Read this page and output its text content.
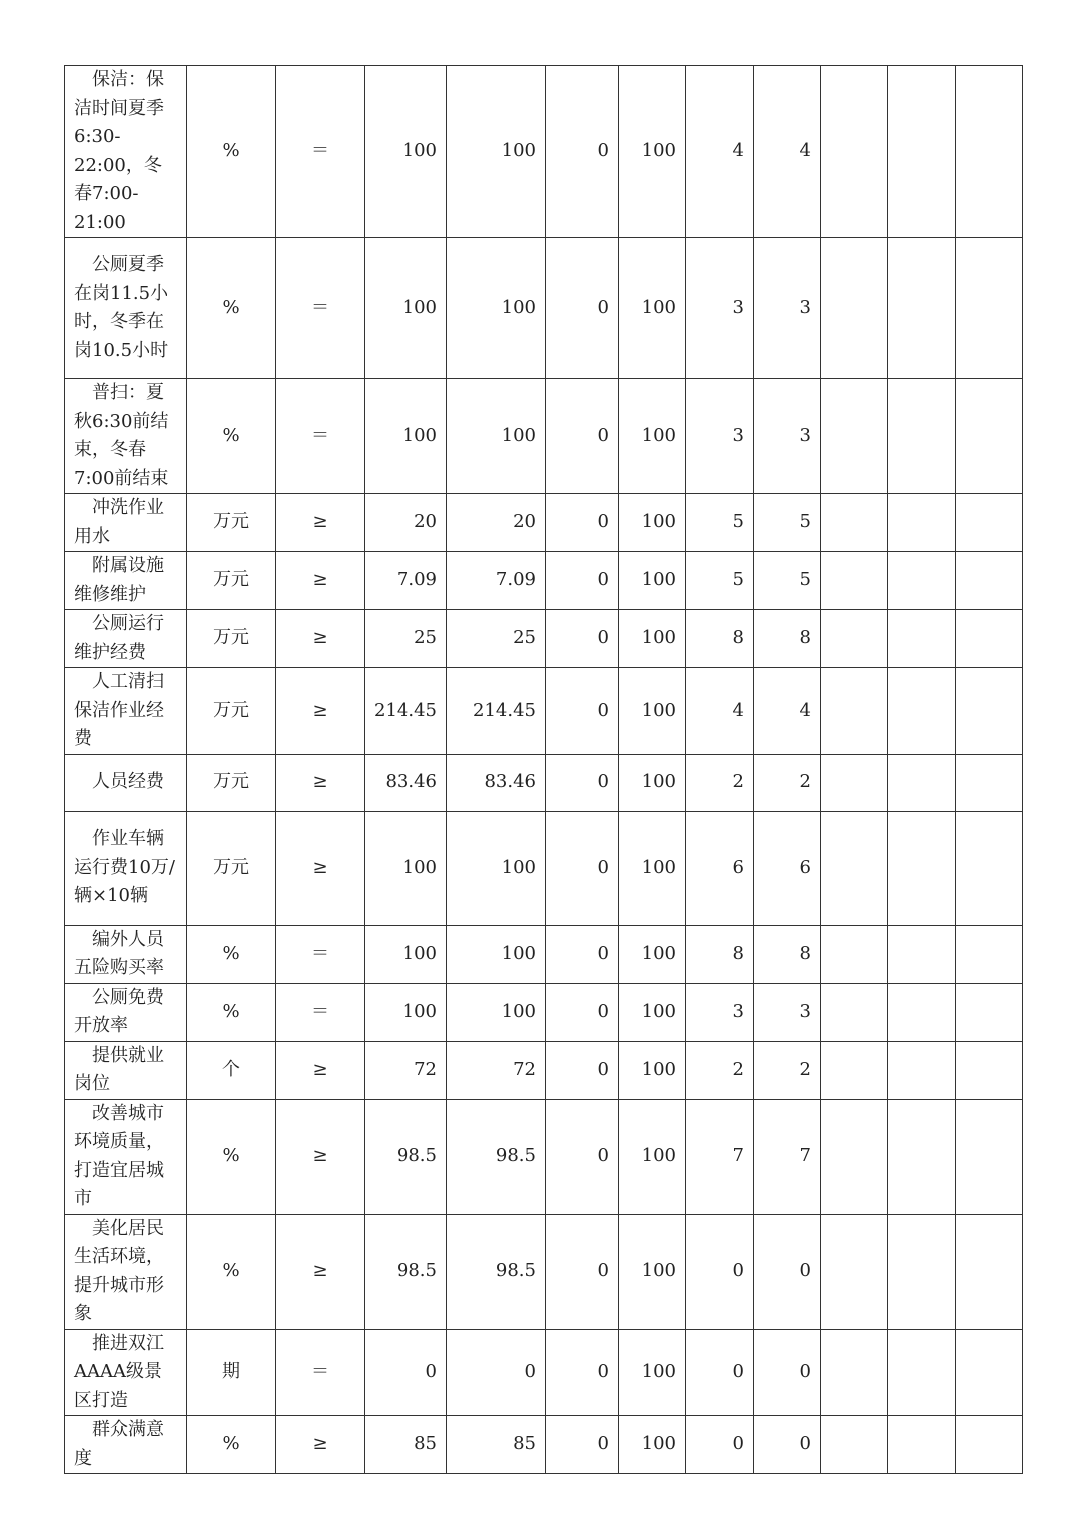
保洁：保洁时间夏季6:30-22:00，冬春7:00-21:00	%	＝	100	100	0	100	4	4			
公厕夏季在岗11.5小时，冬季在岗10.5小时	%	＝	100	100	0	100	3	3			
普扫：夏秋6:30前结束，冬春7:00前结束	%	＝	100	100	0	100	3	3			
冲洗作业用水	万元	≥	20	20	0	100	5	5			
附属设施维修维护	万元	≥	7.09	7.09	0	100	5	5			
公厕运行维护经费	万元	≥	25	25	0	100	8	8			
人工清扫保洁作业经费	万元	≥	214.45	214.45	0	100	4	4			
人员经费	万元	≥	83.46	83.46	0	100	2	2			
作业车辆运行费10万/辆×10辆	万元	≥	100	100	0	100	6	6			
编外人员五险购买率	%	＝	100	100	0	100	8	8			
公厕免费开放率	%	＝	100	100	0	100	3	3			
提供就业岗位	个	≥	72	72	0	100	2	2			
改善城市环境质量，打造宜居城市	%	≥	98.5	98.5	0	100	7	7			
美化居民生活环境，提升城市形象	%	≥	98.5	98.5	0	100	0	0			
推进双江AAAA级景区打造	期	＝	0	0	0	100	0	0			
群众满意度	%	≥	85	85	0	100	0	0			
